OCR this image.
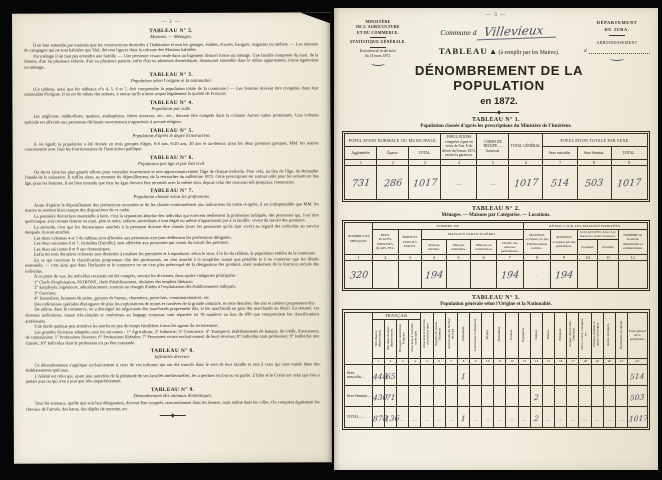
— 2 —
TABLEAU N° 2.
Maisons. — Ménages.

Il ne faut entendre par maisons que les constructions destinées à l'habitation et non les granges, étables, écuries, hangars, magasins ou ateliers. — Les maisons de campagne qui ne sont habitées que l'été, doivent figurer dans la colonne des Maisons habitées.

Par ménage il ne faut pas entendre une famille. — Une personne vivant seule dans un logement distinct forme un ménage. Une famille composée du mari, de la femme, d'un ou plusieurs enfants, d'un ou plusieurs parents, enfin d'un ou plusieurs domestiques, demeurant ensemble dans le même appartement, forme également un ménage.

TABLEAU N° 3.
Population selon l'origine et la nationalité.

(Ce tableau, ainsi que les tableaux n°s 4, 5, 6 et 7, doit comprendre la population totale de la commune.) — Les femmes doivent être comptées dans leur nationalité d'origine. Il en est de même des enfants, à moins qu'ils n'aient acquis légalement la qualité de Français.

TABLEAU N° 4.
Population par culte.

Les anglicans, méthodistes, quakers, anabaptistes, frères moraves, etc., etc., doivent être comptés dans la colonne Autres cultes protestants. Une colonne spéciale est affectée aux personnes déclarant ouvertement n'appartenir à aucune religion.

TABLEAU N° 5.
Population d'après le degré d'instruction.

À cet égard, la population a été divisée en trois groupes d'âges, 0-6 ans, 6-20 ans, 20 ans et au-dessus; pour les deux premiers groupes, MM. les maires concerteront avec fruit les fonctionnaires de l'instruction publique.

TABLEAU N° 6.
Population par âge et par état civil.

On devra faire les plus grands efforts pour connaître exactement et non approximativement l'âge de chaque individu. Pour cela, au lieu de l'âge, de demander l'année de la naissance. Il suffira alors, au moment du dépouillement, de la retrancher du millésime 1872. Cette prescription est surtout utile pour les enfants en bas âge, pour les femmes. Il est bien entendu que tous les âges doivent être recensés avec le même soin, depuis celui des nouveau-nés jusqu'aux centenaires.

TABLEAU N° 7.
Population classée selon les professions.

Avant d'opérer le dépouillement des professions recensées et de les classer conformément aux indications du cadre ci-après, il est indispensable que MM. les maires se rendent bien compte des dispositions de ce cadre.

La première distinction essentielle à faire, c'est la séparation absolue des individus qui exercent réellement la profession indiquée, des personnes qui, à un titre quelconque, soit comme femme ou mari, père et mère, enfants, ascendants à tout degré ou même n'appartenant pas à la famille, vivent du travail des premiers.

La seconde, c'est que les domestiques attachés à la personne doivent être classés (avec les personnes qu'ils font vivre) au regard des individus au service desquels ils sont attachés.

Les deux colonnes 4 et 5 du tableau sont affectées aux personnes exerçant réellement les professions désignées.

Les deux suivantes 6 et 7, intitulées [Famille], sont affectées aux personnes qui vivent du travail des premiers.

Les deux suivantes 8 et 9 aux domestiques.

Enfin les trois dernières colonnes sont destinées à totaliser les premières et à reproduire, selon le sexe, à la fin du tableau, la population entière de la commune.

En ce qui concerne la classification proprement dite des professions, on s'est attaché à la simplifier autant que possible et à ne conserver que les détails essentiels; — c'est ainsi que dans l'Industrie et le commerce on ne s'est plus préoccupé de la désignation des produits, mais seulement de la fonction sociale des individus.

À ce point de vue, les individus recensés ont été compris, suivant les divisions, dans quatre catégories principales :

1° Chefs d'exploitation, PATRONS, chefs d'établissement, titulaires des emplois libéraux;

2° Employés, ingénieurs, administrateurs, commis ou chargés d'aides à l'exploitation des établissements indiqués;

3° Ouvriers;

4° Journaliers, hommes de peine, garçons de bureau, charretiers, porte-faix, commissionnaires, etc.

Des indications spéciales distinguent de plus les exploitations de mines et carrières de la grande industrie, et cette dernière, des arts et métiers proprement dits.

De même, dans le commerce, on a distingué les négociants des marchands proprement dits, et les marchands en gros des marchands au détail. En résumé, ces diverses indications, toutes très-simples et conformes au langage commun, sont réparties en 78 numéros au lieu de 690 que comportaient les classifications antérieures.

Une étude quelque peu attentive les rendra en peu de temps familières à tous les agents du recensement.

Les grandes divisions adoptées sont les suivantes : 1° Agriculture; 2° Industrie; 3° Commerce; 4° Transports, établissements de banque, de crédit, d'assurance, de commission; 5° Professions diverses; 6° Professions libérales; 7° Personnes vivant exclusivement de leurs revenus; 8° Individus sans profession; 9° Individus non classés; 10° Individus dont la profession n'a pu être constatée.

TABLEAU N° 8.
Infirmités diverses.

Ce dénombrement s'applique exclusivement à ceux de ces infirmes qui ont été trouvés dans le sein de leur famille et non à ceux qui sont traités dans des établissements spéciaux.

L'Aliéné est celui qui, ayant joui autrefois de la plénitude de ses facultés intellectuelles, les a perdues en tout ou en partie. L'Idiot et le Crétin est celui qui n'en a jamais joui ou qui n'en a joui que très-imparfaitement.

TABLEAU N° 9.
Dénombrement des animaux domestiques.

Tous les animaux, quelle que soit leur désignation, doivent être comptés, non-seulement dans les fermes, mais même dans les villes. On comptera également les chevaux de l'armée, des haras, des dépôts de remonte, etc.

— 3 —
MINISTÈRE
DE L'AGRICULTURE
ET DU COMMERCE.
STATISTIQUE GÉNÉRALE.
Exécution de la décision
du 14 mars 1872.
Commune d Villevieux
TABLEAU ▲ (à remplir par les Maires).
DÉNOMBREMENT DE LA POPULATION
en 1872.
DÉPARTEMENT
DU JURA.
ARRONDISSEMENT
d
TABLEAU N° 1.
Population classée d'après les prescriptions du Ministère de l'Intérieur.
POPULATION NORMALE OU MUNICIPALE.			POPULATIONS comptées à part en vertu de l'art. 6 du décret du 6 mars 1872, moins la garnison.	CORPS DE TROUPE. — Garnison.	TOTAL GÉNÉRAL.	POPULATION TOTALE PAR SEXE.		
Agglomérée.	Éparse.	TOTAL.				Sexe masculin.	Sexe féminin.	TOTAL.
1	2	3	4	5	6	7	8	9
731	286	1017	—	—	1017	514	503	1017
TABLEAU N° 2.
Ménages. — Maisons par Catégories. — Locations.
NOMBRE DES MÉNAGES.	NOMBRE DE						DÉTAILS SUR LES MAISONS HABITÉES.				
	RUES, PLACES, IMPASSES, QUAIS, ETC.	ÉDIFICES PUBLICS ISOLÉS.	MAISONS PARTICULIÈRES.				MAISONS occupées par des Établissements publics.	MAISONS occupées par des particuliers.	LOCATIONS dans les maisons particulières.		NOMBRE de locations industrielles et commerciales.
			Maisons habitées.	Maisons inhabitées.	Maisons en construction.	TOTAL des maisons particulières.			occupées.	vacantes.	
1	2	3	4	5	6	7	8	9	10	11	12
320	·	·	194	·	·	194	·	194	·	·	·
TABLEAU N° 3.
Population générale selon l'Origine et la Nationalité.
	FRANÇAIS				Alsaciens et Lorrains n'ayant pas opté.	Anglais, Écossais, Irlandais.	Américains du Nord et du Sud.	Allemands.	Autrichiens et Hongrois.	Belges.	Hollandais.	Italiens.	Espagnols.	Suisses.	Russes.	Polonais.	Arabes, Marocains, Tunisiens.	Turcs, Grecs, Valaques, etc.	Chinois, Indiens et autres Asiatiques.	Autres étrangers.	Nationalité inconnue.	Total général de la population.
	Nés dans le département.	Nés dans d'autres départements.	Étrangers naturalisés Français.	Alsaciens et Lorrains ayant opté.																		
	1	2	3	4	5	6	7	8	9	10	11	12	13	14	15	16	17	18	19	20	21	22
Sexe masculin....	448	65	·	·	·	·	·	1	·	·	·	·	·	·	·	·	·	·	·	·	·	514
Sexe féminin....	430	71	·	·	·	·	·	·	·	·	·	·	·	2	·	·	·	·	·	·	·	503
TOTAL......	878	136	—	—	—	—	—	1	—	—	—	—	—	2	—	—	—	—	—	—	—	1017
